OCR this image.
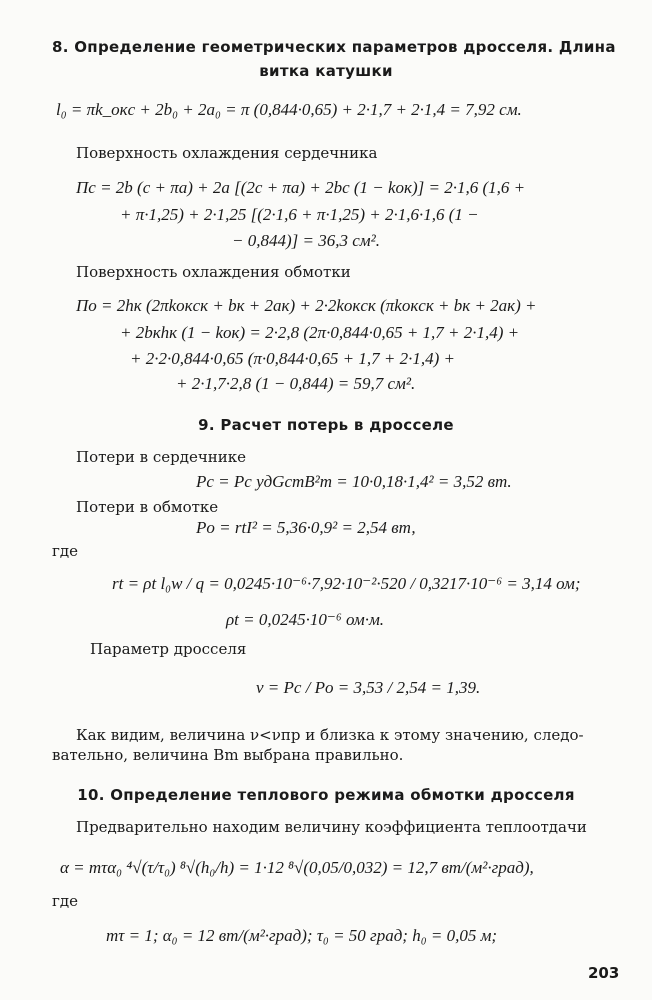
8. Определение геометрических параметров дросселя. Длина
витка катушки
l₀ = πk_окc + 2b₀ + 2a₀ = π (0,844·0,65) + 2·1,7 + 2·1,4 = 7,92 см.
Поверхность охлаждения сердечника
Пс = 2b (c + πa) + 2a [(2c + πa) + 2bc (1 − kок)] = 2·1,6 (1,6 +
+ π·1,25) + 2·1,25 [(2·1,6 + π·1,25) + 2·1,6·1,6 (1 −
− 0,844)] = 36,3 см².
Поверхность охлаждения обмотки
По = 2hк (2πkокcк + bк + 2aк) + 2·2kокcк (πkокcк + bк + 2aк) +
+ 2bкhк (1 − kок) = 2·2,8 (2π·0,844·0,65 + 1,7 + 2·1,4) +
+ 2·2·0,844·0,65 (π·0,844·0,65 + 1,7 + 2·1,4) +
+ 2·1,7·2,8 (1 − 0,844) = 59,7 см².
9. Расчет потерь в дросселе
Потери в сердечнике
Pс = Pс удGстB²m = 10·0,18·1,4² = 3,52 вт.
Потери в обмотке
Pо = rtI² = 5,36·0,9² = 2,54 вт,
где
rt = ρt l₀w / q = 0,0245·10⁻⁶·7,92·10⁻²·520 / 0,3217·10⁻⁶ = 3,14 ом;
ρt = 0,0245·10⁻⁶ ом·м.
Параметр дросселя
ν = Pс / Pо = 3,53 / 2,54 = 1,39.
Как видим, величина ν<νпр и близка к этому значению, следо-
вательно, величина Bm выбрана правильно.
10. Определение теплового режима обмотки дросселя
Предварительно находим величину коэффициента теплоотдачи
α = mτα₀ ⁴√(τ/τ₀) ⁸√(h₀/h) = 1·12 ⁸√(0,05/0,032) = 12,7 вт/(м²·град),
где
mτ = 1; α₀ = 12 вт/(м²·град); τ₀ = 50 град; h₀ = 0,05 м;
203
